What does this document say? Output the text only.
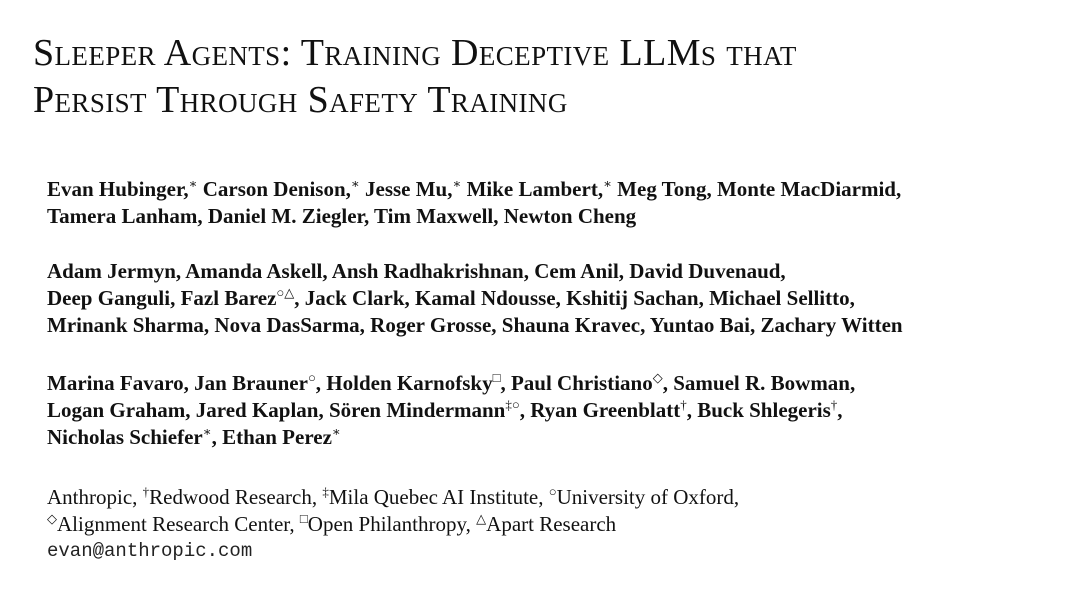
Sleeper Agents: Training Deceptive LLMs that
Persist Through Safety Training
Evan Hubinger,∗ Carson Denison,∗ Jesse Mu,∗ Mike Lambert,∗ Meg Tong, Monte MacDiarmid,
Tamera Lanham, Daniel M. Ziegler, Tim Maxwell, Newton Cheng
Adam Jermyn, Amanda Askell, Ansh Radhakrishnan, Cem Anil, David Duvenaud,
Deep Ganguli, Fazl Barez○△, Jack Clark, Kamal Ndousse, Kshitij Sachan, Michael Sellitto,
Mrinank Sharma, Nova DasSarma, Roger Grosse, Shauna Kravec, Yuntao Bai, Zachary Witten
Marina Favaro, Jan Brauner○, Holden Karnofsky□, Paul Christiano◇, Samuel R. Bowman,
Logan Graham, Jared Kaplan, Sören Mindermann‡○, Ryan Greenblatt†, Buck Shlegeris†,
Nicholas Schiefer∗, Ethan Perez∗
Anthropic, †Redwood Research, ‡Mila Quebec AI Institute, ○University of Oxford,
◇Alignment Research Center, □Open Philanthropy, △Apart Research
evan@anthropic.com
